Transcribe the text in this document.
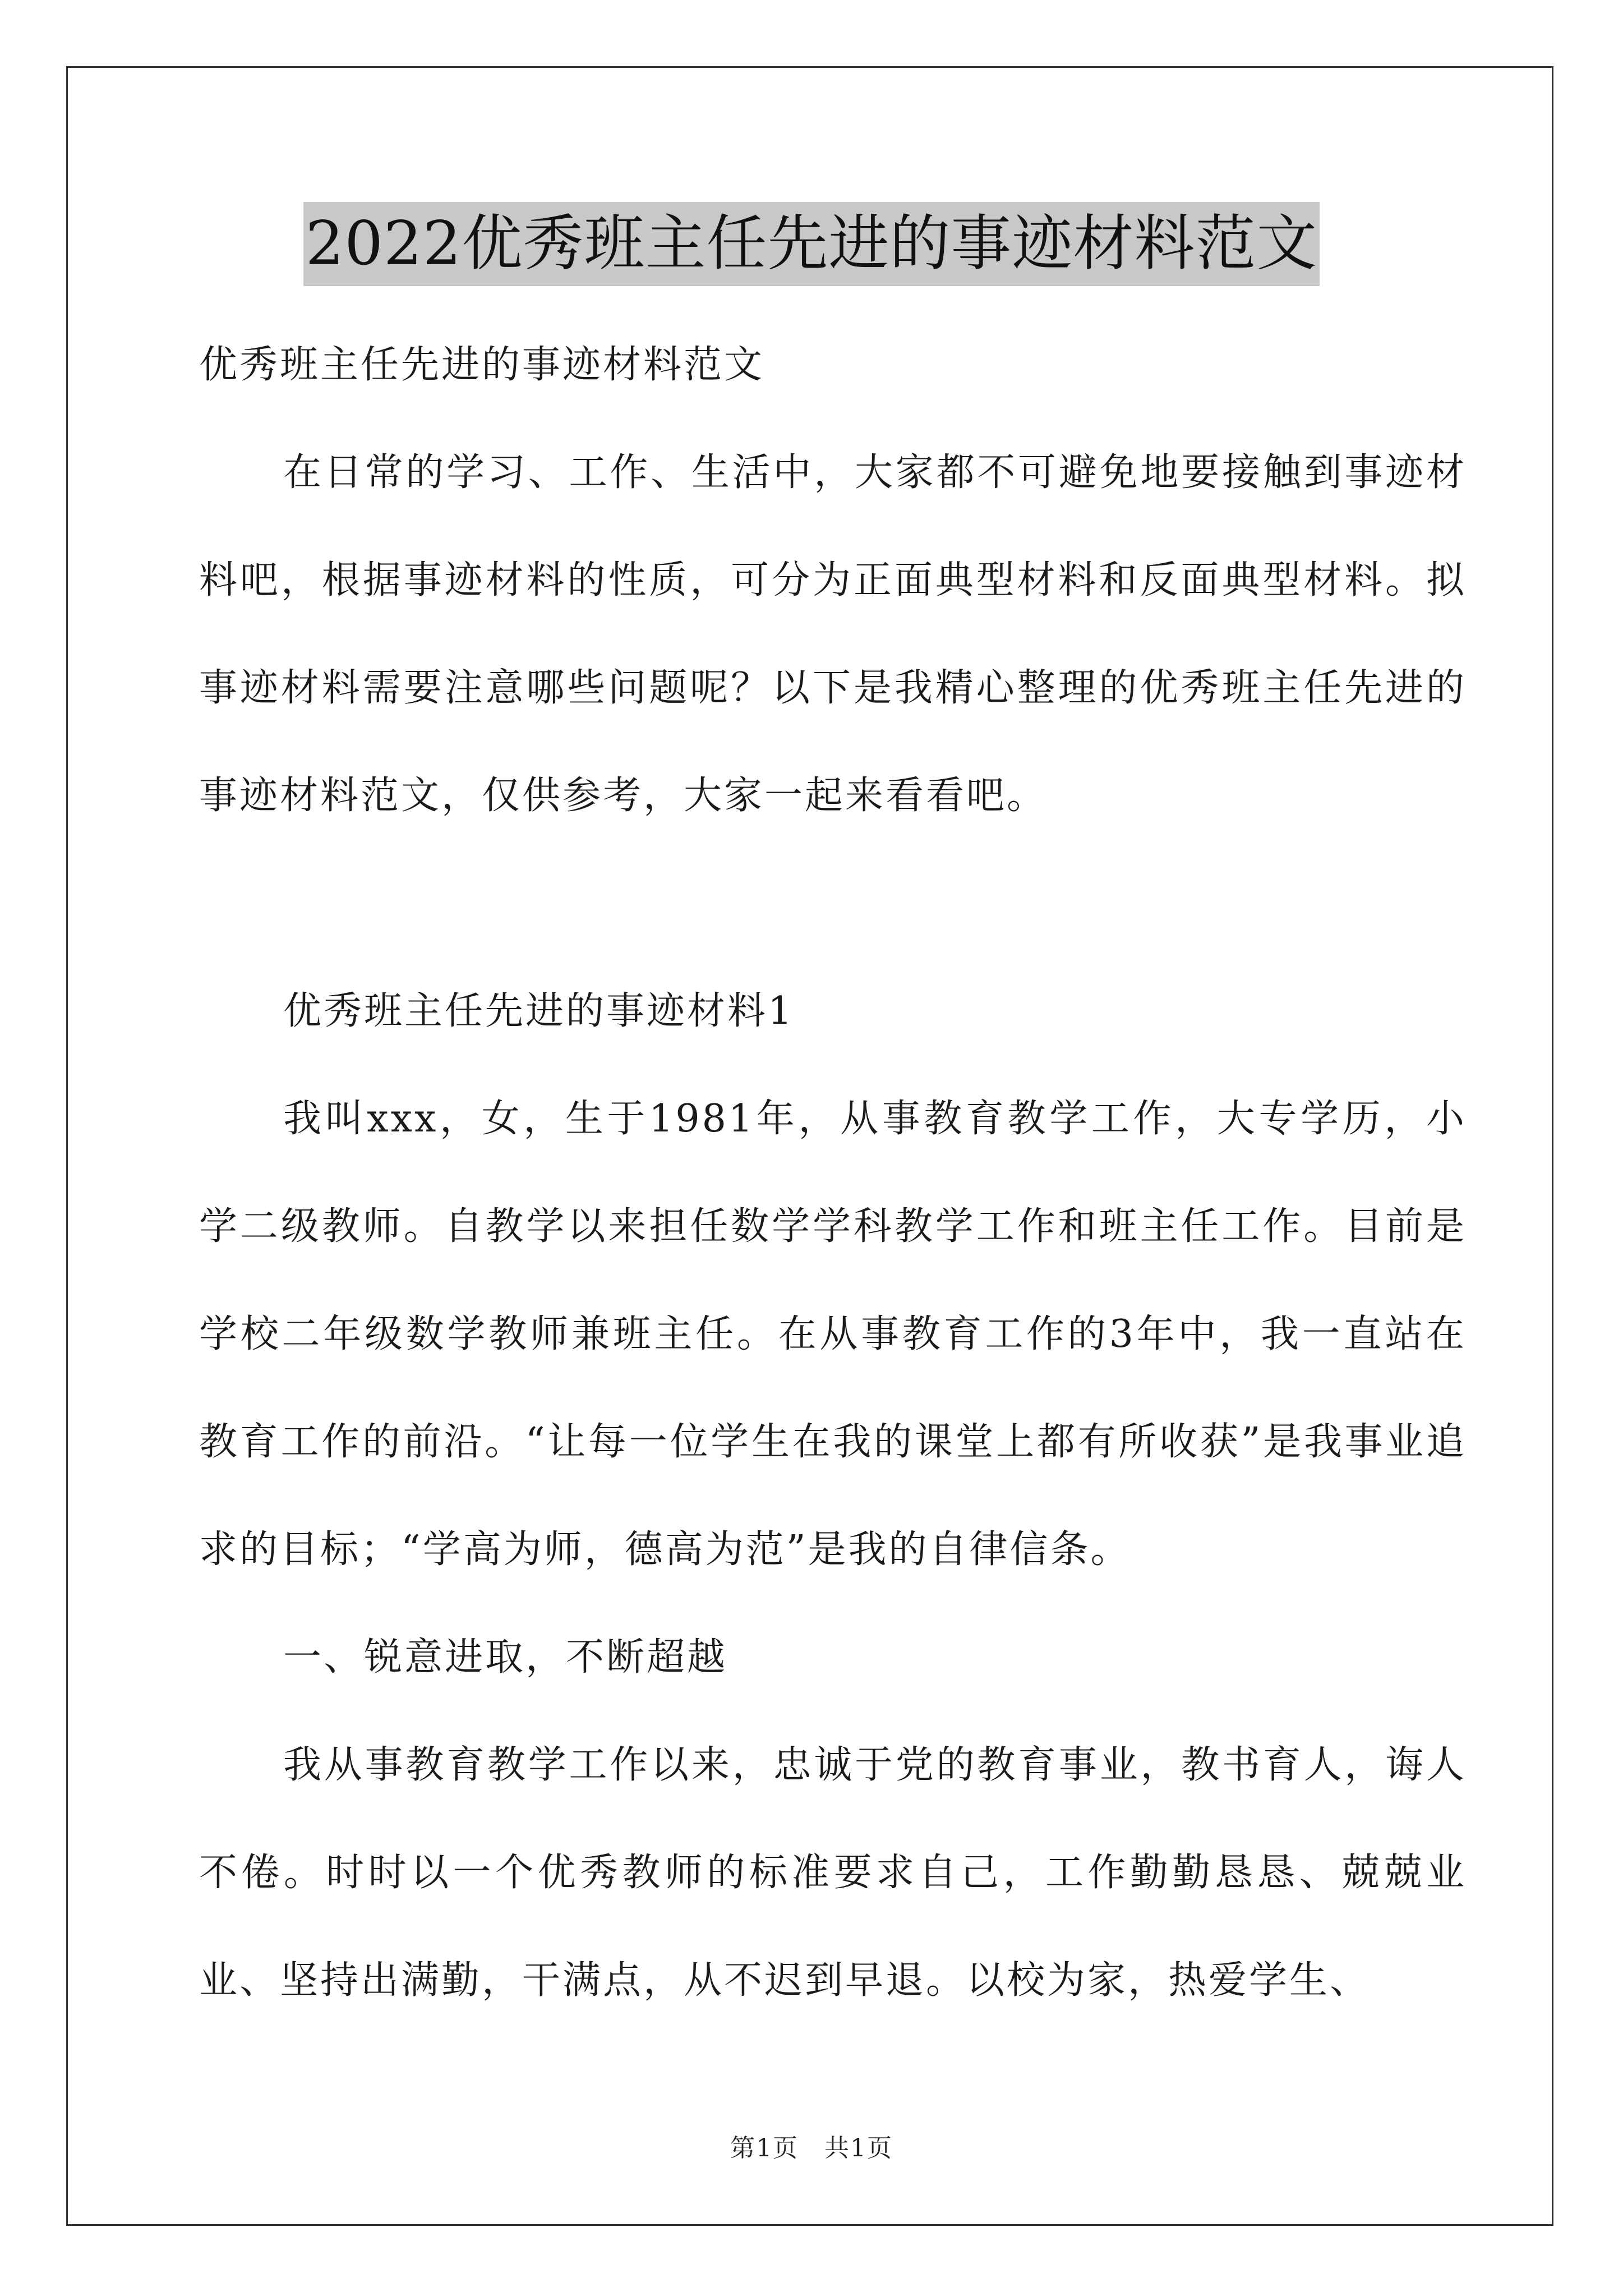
2022优秀班主任先进的事迹材料范文

优秀班主任先进的事迹材料范文

在日常的学习、工作、生活中，大家都不可避免地要接触到事迹材料吧，根据事迹材料的性质，可分为正面典型材料和反面典型材料。拟事迹材料需要注意哪些问题呢？以下是我精心整理的优秀班主任先进的事迹材料范文，仅供参考，大家一起来看看吧。

优秀班主任先进的事迹材料1

我叫xxx，女，生于1981年，从事教育教学工作，大专学历，小学二级教师。自教学以来担任数学学科教学工作和班主任工作。目前是学校二年级数学教师兼班主任。在从事教育工作的3年中，我一直站在教育工作的前沿。“让每一位学生在我的课堂上都有所收获”是我事业追求的目标；“学高为师，德高为范”是我的自律信条。

一、锐意进取，不断超越

我从事教育教学工作以来，忠诚于党的教育事业，教书育人，诲人不倦。时时以一个优秀教师的标准要求自己，工作勤勤恳恳、兢兢业业、坚持出满勤，干满点，从不迟到早退。以校为家，热爱学生、

第1页　共1页
